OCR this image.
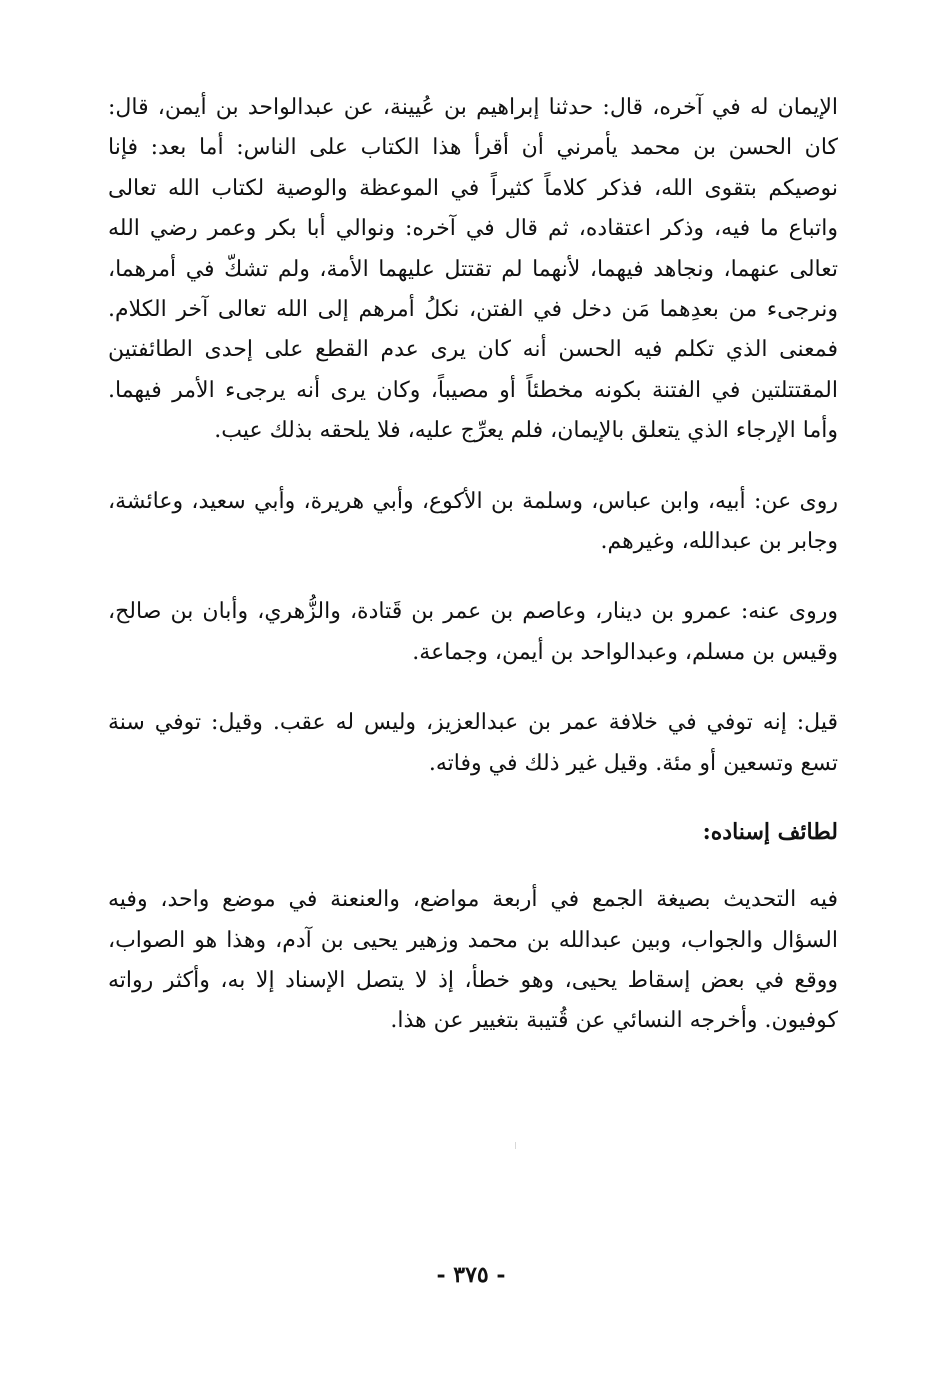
الإيمان له في آخره، قال: حدثنا إبراهيم بن عُيينة، عن عبدالواحد بن أيمن، قال: كان الحسن بن محمد يأمرني أن أقرأ هذا الكتاب على الناس: أما بعد: فإنا نوصيكم بتقوى الله، فذكر كلاماً كثيراً في الموعظة والوصية لكتاب الله تعالى واتباع ما فيه، وذكر اعتقاده، ثم قال في آخره: ونوالي أبا بكر وعمر رضي الله تعالى عنهما، ونجاهد فيهما، لأنهما لم تقتتل عليهما الأمة، ولم تشكّ في أمرهما، ونرجىء من بعدِهما مَن دخل في الفتن، نكلُ أمرهم إلى الله تعالى آخر الكلام. فمعنى الذي تكلم فيه الحسن أنه كان يرى عدم القطع على إحدى الطائفتين المقتتلتين في الفتنة بكونه مخطئاً أو مصيباً، وكان يرى أنه يرجىء الأمر فيهما. وأما الإرجاء الذي يتعلق بالإيمان، فلم يعرِّج عليه، فلا يلحقه بذلك عيب.

روى عن: أبيه، وابن عباس، وسلمة بن الأكوع، وأبي هريرة، وأبي سعيد، وعائشة، وجابر بن عبدالله، وغيرهم.

وروى عنه: عمرو بن دينار، وعاصم بن عمر بن قَتادة، والزُّهري، وأبان بن صالح، وقيس بن مسلم، وعبدالواحد بن أيمن، وجماعة.

قيل: إنه توفي في خلافة عمر بن عبدالعزيز، وليس له عقب. وقيل: توفي سنة تسع وتسعين أو مئة. وقيل غير ذلك في وفاته.

لطائف إسناده:

فيه التحديث بصيغة الجمع في أربعة مواضع، والعنعنة في موضع واحد، وفيه السؤال والجواب، وبين عبدالله بن محمد وزهير يحيى بن آدم، وهذا هو الصواب، ووقع في بعض إسقاط يحيى، وهو خطأ، إذ لا يتصل الإسناد إلا به، وأكثر رواته كوفيون. وأخرجه النسائي عن قُتيبة بتغيير عن هذا.

- ٣٧٥ -
